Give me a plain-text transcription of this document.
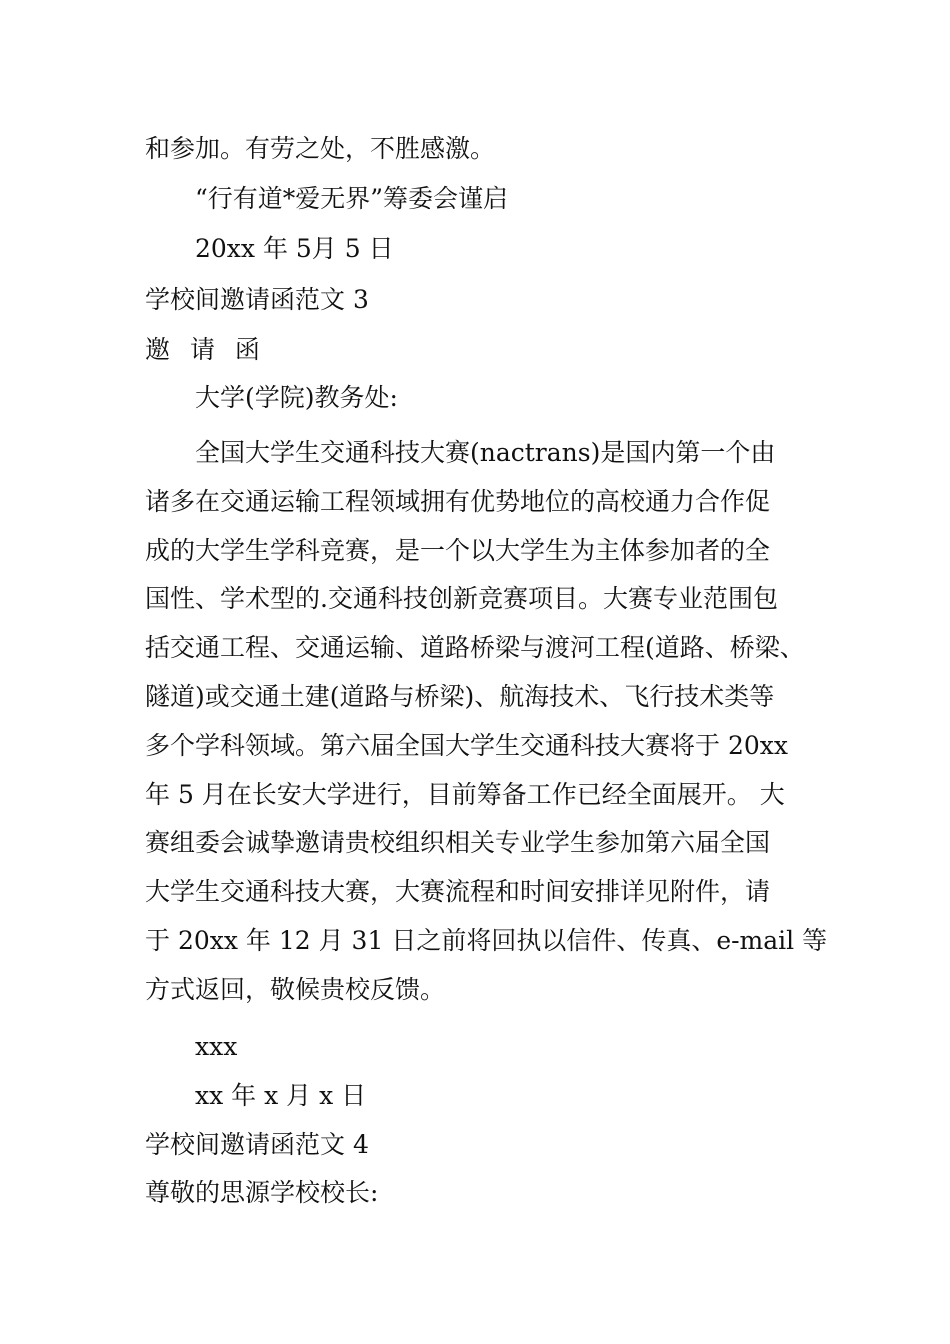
和参加。有劳之处，不胜感激。
“行有道*爱无界”筹委会谨启
20xx 年 5月 5 日
学校间邀请函范文 3
邀 请 函
大学(学院)教务处:
全国大学生交通科技大赛(nactrans)是国内第一个由
诸多在交通运输工程领域拥有优势地位的高校通力合作促
成的大学生学科竞赛，是一个以大学生为主体参加者的全
国性、学术型的.交通科技创新竞赛项目。大赛专业范围包
括交通工程、交通运输、道路桥梁与渡河工程(道路、桥梁、
隧道)或交通土建(道路与桥梁)、航海技术、飞行技术类等
多个学科领域。第六届全国大学生交通科技大赛将于 20xx
年 5 月在长安大学进行，目前筹备工作已经全面展开。 大
赛组委会诚挚邀请贵校组织相关专业学生参加第六届全国
大学生交通科技大赛，大赛流程和时间安排详见附件，请
于 20xx 年 12 月 31 日之前将回执以信件、传真、e-mail 等
方式返回，敬候贵校反馈。
xxx
xx 年 x 月 x 日
学校间邀请函范文 4
尊敬的思源学校校长:
